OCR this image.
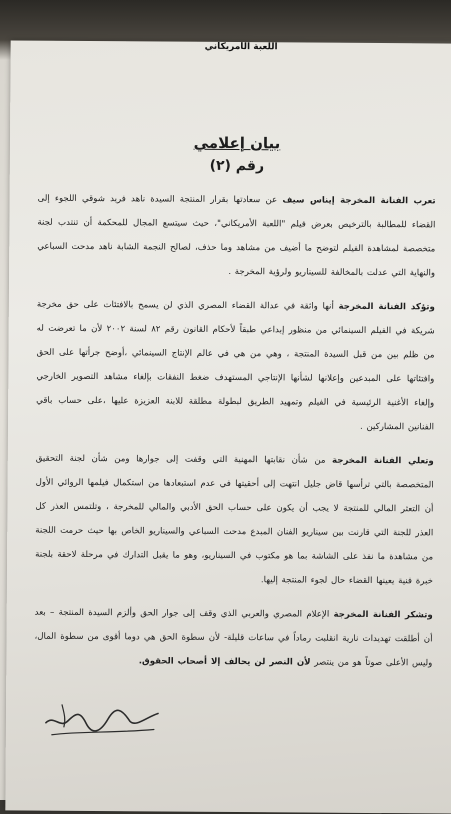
اللعبة الأمريكاني
بيان إعلامي
رقم (٢)

تعرب الفنانة المخرجة إيناس سيف عن سعادتها بقرار المنتجة السيدة ناهد فريد شوقي اللجوء إلى القضاء للمطالبة بالترخيص بعرض فيلم "اللعبة الأمريكاني"، حيث سيتسع المجال للمحكمة أن تنتدب لجنة متخصصة لمشاهدة الفيلم لتوضح ما أضيف من مشاهد وما حذف، لصالح النجمة الشابة ناهد مدحت السباعي والنهاية التي عدلت بالمخالفة للسيناريو ولرؤية المخرجة .

وتؤكد الفنانة المخرجة أنها واثقة في عدالة القضاء المصري الذي لن يسمح بالافتئات على حق مخرجة شريكة في الفيلم السينمائي من منظور إبداعي طبقاً لأحكام القانون رقم ٨٢ لسنة ٢٠٠٢ لأن ما تعرضت له من ظلم بين من قبل السيدة المنتجة ، وهي من هي في عالم الإنتاج السينمائي ،أوضح جرأتها على الحق وافتئاتها على المبدعين وإعلانها لشأنها الإنتاجي المستهدف ضغط النفقات بإلغاء مشاهد التصوير الخارجي وإلغاء الأغنية الرئيسية في الفيلم وتمهيد الطريق لبطولة مطلقة للابنة العزيزة عليها ،على حساب باقي الفنانين المشاركين .

وتعلي الفنانة المخرجة من شأن نقابتها المهنية التي وقفت إلى جوارها ومن شأن لجنة التحقيق المتخصصة بالتي ترأسها قاض جليل انتهت إلى أحقيتها في عدم استبعادها من استكمال فيلمها الروائي الأول أن التعثر المالي للمنتجة لا يجب أن يكون على حساب الحق الأدبي والمالي للمخرجة ، وتلتمس العذر كل العذر للجنة التي قارنت بين سيناريو الفنان المبدع مدحت السباعي والسيناريو الخاص بها حيث حرمت اللجنة من مشاهدة ما نفذ على الشاشة بما هو مكتوب في السيناريو، وهو ما يقبل التدارك في مرحلة لاحقة بلجنة خبرة فنية يعينها القضاء حال لجوء المنتجة إليها.

وتشكر الفنانة المخرجة الإعلام المصري والعربي الذي وقف إلى جوار الحق وألزم السيدة المنتجة – بعد أن أطلقت تهديدات نارية انقلبت رماداً في ساعات قليلة- لأن سطوة الحق هي دوما أقوى من سطوة المال، وليس الأعلى صوتاً هو من ينتصر لأن النصر لن يحالف إلا أصحاب الحقوق.
